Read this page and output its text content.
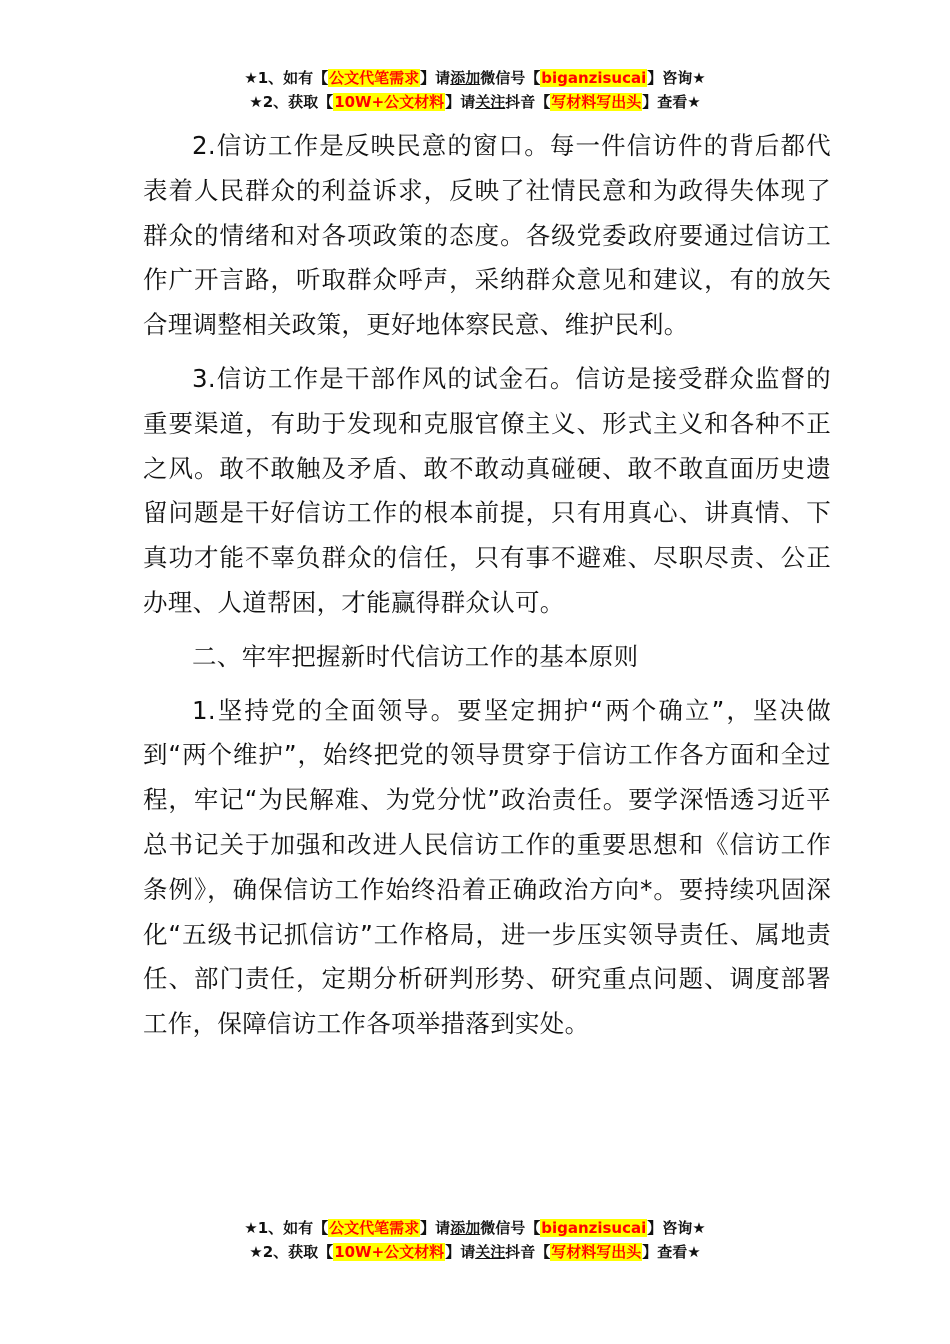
★1、如有【公文代笔需求】请添加微信号【biganzisucai】咨询★
★2、获取【10W+公文材料】请关注抖音【写材料写出头】查看★

2.信访工作是反映民意的窗口。每一件信访件的背后都代表着人民群众的利益诉求，反映了社情民意和为政得失体现了群众的情绪和对各项政策的态度。各级党委政府要通过信访工作广开言路，听取群众呼声，采纳群众意见和建议，有的放矢合理调整相关政策，更好地体察民意、维护民利。

3.信访工作是干部作风的试金石。信访是接受群众监督的重要渠道，有助于发现和克服官僚主义、形式主义和各种不正之风。敢不敢触及矛盾、敢不敢动真碰硬、敢不敢直面历史遗留问题是干好信访工作的根本前提，只有用真心、讲真情、下真功才能不辜负群众的信任，只有事不避难、尽职尽责、公正办理、人道帮困，才能赢得群众认可。

二、牢牢把握新时代信访工作的基本原则

1.坚持党的全面领导。要坚定拥护“两个确立”，坚决做到“两个维护”，始终把党的领导贯穿于信访工作各方面和全过程，牢记“为民解难、为党分忧”政治责任。要学深悟透习近平总书记关于加强和改进人民信访工作的重要思想和《信访工作条例》，确保信访工作始终沿着正确政治方向*。要持续巩固深化“五级书记抓信访”工作格局，进一步压实领导责任、属地责任、部门责任，定期分析研判形势、研究重点问题、调度部署工作，保障信访工作各项举措落到实处。

★1、如有【公文代笔需求】请添加微信号【biganzisucai】咨询★
★2、获取【10W+公文材料】请关注抖音【写材料写出头】查看★
